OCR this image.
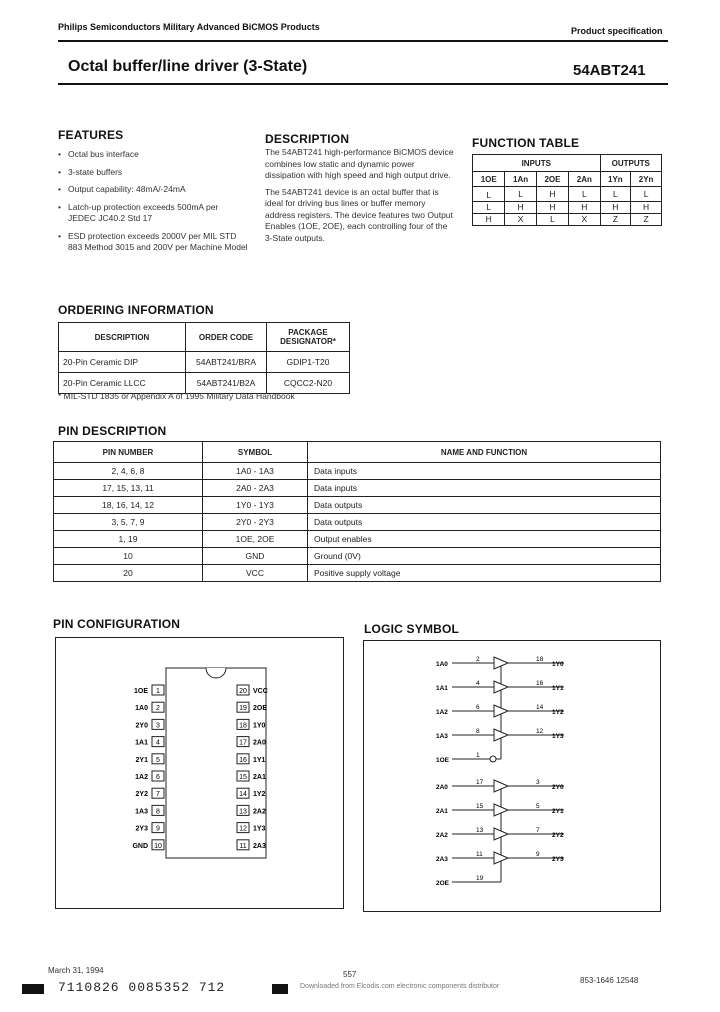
Philips Semiconductors Military Advanced BiCMOS Products	Product specification
Octal buffer/line driver (3-State)	54ABT241
FEATURES
• Octal bus interface
• 3-state buffers
• Output capability: 48mA/-24mA
• Latch-up protection exceeds 500mA per JEDEC JC40.2 Std 17
• ESD protection exceeds 2000V per MIL STD 883 Method 3015 and 200V per Machine Model
DESCRIPTION
The 54ABT241 high-performance BiCMOS device combines low static and dynamic power dissipation with high speed and high output drive.
The 54ABT241 device is an octal buffer that is ideal for driving bus lines or buffer memory address registers. The device features two Output Enables (1OE, 2OE), each controlling four of the 3-State outputs.
FUNCTION TABLE
INPUTS				OUTPUTS	
1OE	1An	2OE	2An	1Yn	2Yn
L	L	H	L	L	L
L	H	H	H	H	H
H	X	L	X	Z	Z
ORDERING INFORMATION
DESCRIPTION	ORDER CODE	PACKAGE DESIGNATOR*
20-Pin Ceramic DIP	54ABT241/BRA	GDIP1-T20
20-Pin Ceramic LLCC	54ABT241/B2A	CQCC2-N20
* MIL-STD 1835 or Appendix A of 1995 Military Data Handbook
PIN DESCRIPTION
PIN NUMBER	SYMBOL	NAME AND FUNCTION
2, 4, 6, 8	1A0 - 1A3	Data inputs
17, 15, 13, 11	2A0 - 2A3	Data inputs
18, 16, 14, 12	1Y0 - 1Y3	Data outputs
3, 5, 7, 9	2Y0 - 2Y3	Data outputs
1, 19	1OE, 2OE	Output enables
10	GND	Ground (0V)
20	VCC	Positive supply voltage
PIN CONFIGURATION
1OE 1
1A0 2
2Y0 3
1A1 4
2Y1 5
1A2 6
2Y2 7
1A3 8
2Y3 9
GND 10
20 VCC
19 2OE
18 1Y0
17 2A0
16 1Y1
15 2A1
14 1Y2
13 2A2
12 1Y3
11 2A3
LOGIC SYMBOL
1A0
2	18
1Y0
1A1
4	16
1Y1
1A2
6	14
1Y2
1A3
8	12
1Y3
1OE
1
2A0
17	3
2Y0
2A1
15	5
2Y1
2A2
13	7
2Y2
2A3
11	9
2Y3
2OE
19
March 31, 1994	557
853-1646 12548
7110826 0085352 712	Downloaded from Elcodis.com electronic components distributor
